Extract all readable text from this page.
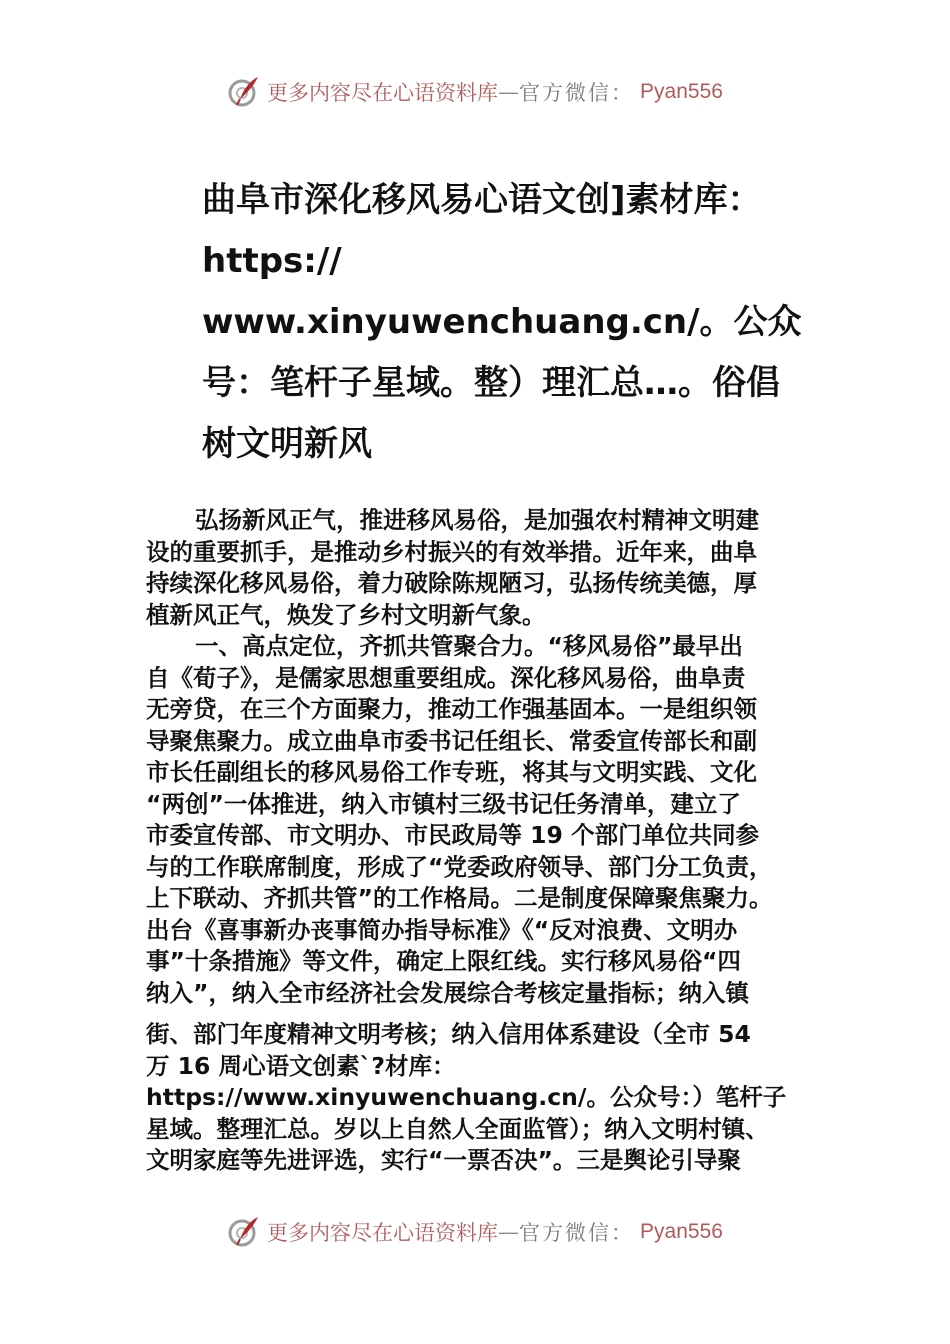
更多内容尽在心语资料库 — 官方微信： Pyan556
曲阜市深化移风易心语文创]素材库：
https://
www.xinyuwenchuang.cn/。公众
号：笔杆子星域。整）理汇总…。俗倡
树文明新风
弘扬新风正气，推进移风易俗，是加强农村精神文明建
设的重要抓手，是推动乡村振兴的有效举措。近年来，曲阜
持续深化移风易俗，着力破除陈规陋习，弘扬传统美德，厚
植新风正气，焕发了乡村文明新气象。
一、高点定位，齐抓共管聚合力。“移风易俗”最早出
自《荀子》，是儒家思想重要组成。深化移风易俗，曲阜责
无旁贷，在三个方面聚力，推动工作强基固本。一是组织领
导聚焦聚力。成立曲阜市委书记任组长、常委宣传部长和副
市长任副组长的移风易俗工作专班，将其与文明实践、文化
“两创”一体推进，纳入市镇村三级书记任务清单，建立了
市委宣传部、市文明办、市民政局等 19 个部门单位共同参
与的工作联席制度，形成了“党委政府领导、部门分工负责，
上下联动、齐抓共管”的工作格局。二是制度保障聚焦聚力。
出台《喜事新办丧事简办指导标准》《“反对浪费、文明办
事”十条措施》等文件，确定上限红线。实行移风易俗“四
纳入”，纳入全市经济社会发展综合考核定量指标；纳入镇
街、部门年度精神文明考核；纳入信用体系建设（全市 54
万 16 周心语文创素`?材库：
https://www.xinyuwenchuang.cn/。公众号：）笔杆子
星域。整理汇总。岁以上自然人全面监管）；纳入文明村镇、
文明家庭等先进评选，实行“一票否决”。三是舆论引导聚
更多内容尽在心语资料库 — 官方微信： Pyan556
